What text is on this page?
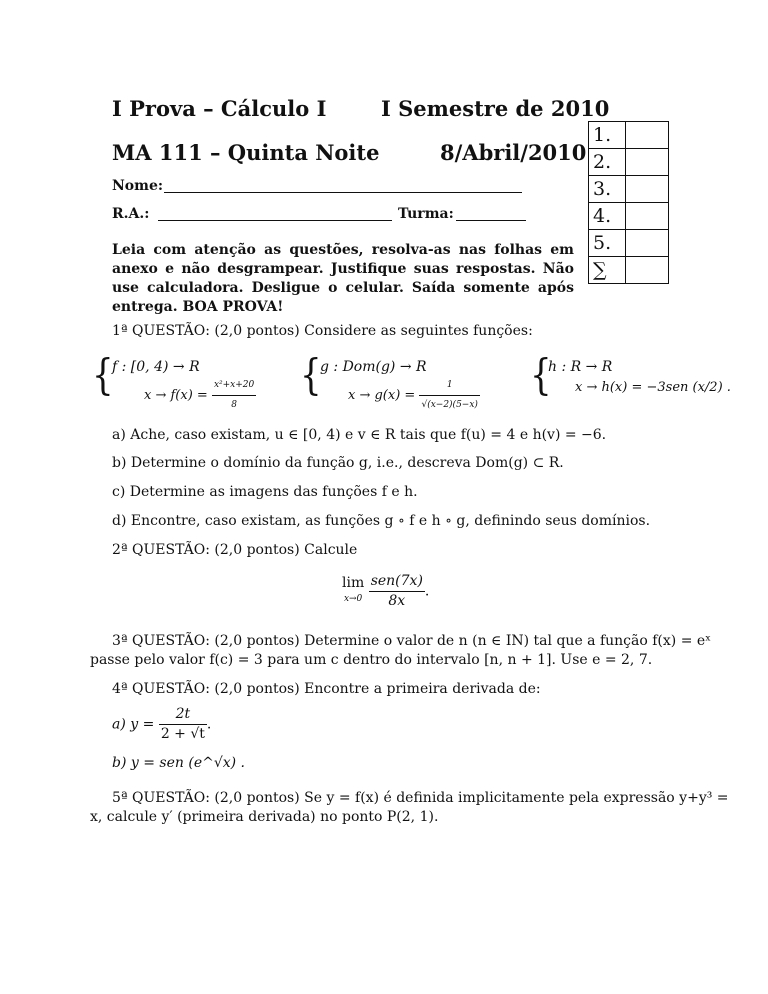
I Prova – Cálculo I	I Semestre de 2010
MA 111 – Quinta Noite	8/Abril/2010
Nome:
R.A.:	Turma:
1.	
2.	
3.	
4.	
5.	
∑	
Leia com atenção as questões, resolva-as nas folhas em anexo e não desgrampear. Justifique suas respostas. Não use calculadora. Desligue o celular. Saída somente após entrega. BOA PROVA!
1ª QUESTÃO: (2,0 pontos) Considere as seguintes funções:
{
f : [0, 4) → R
$x \to f(x) = \frac{\text{x²+x+20}}{8}$ {
g : Dom(g) → R
$x \to g(x) = \frac{1}{√(x-2)(5-x)}$ {
h : R → R
x → h(x) = −3sen (x/2) .
a) Ache, caso existam, u ∈ [0, 4) e v ∈ R tais que f(u) = 4 e h(v) = −6.
b) Determine o domínio da função g, i.e., descreva Dom(g) ⊂ R.
c) Determine as imagens das funções f e h.
d) Encontre, caso existam, as funções g ∘ f e h ∘ g, definindo seus domínios.
2ª QUESTÃO: (2,0 pontos) Calcule
lim
x→0
$\frac{\text{sen(7x)}}{8x}$ .
3ª QUESTÃO: (2,0 pontos) Determine o valor de n (n ∈ IN) tal que a função f(x) = eˣ
passe pelo valor f(c) = 3 para um c dentro do intervalo [n, n + 1]. Use e = 2, 7.
4ª QUESTÃO: (2,0 pontos) Encontre a primeira derivada de:
a) $y = \frac{2t}{2 + √t}$ .
b) y = sen (e^√x) .
5ª QUESTÃO: (2,0 pontos) Se y = f(x) é definida implicitamente pela expressão y+y³ =
x, calcule y′ (primeira derivada) no ponto P(2, 1).
